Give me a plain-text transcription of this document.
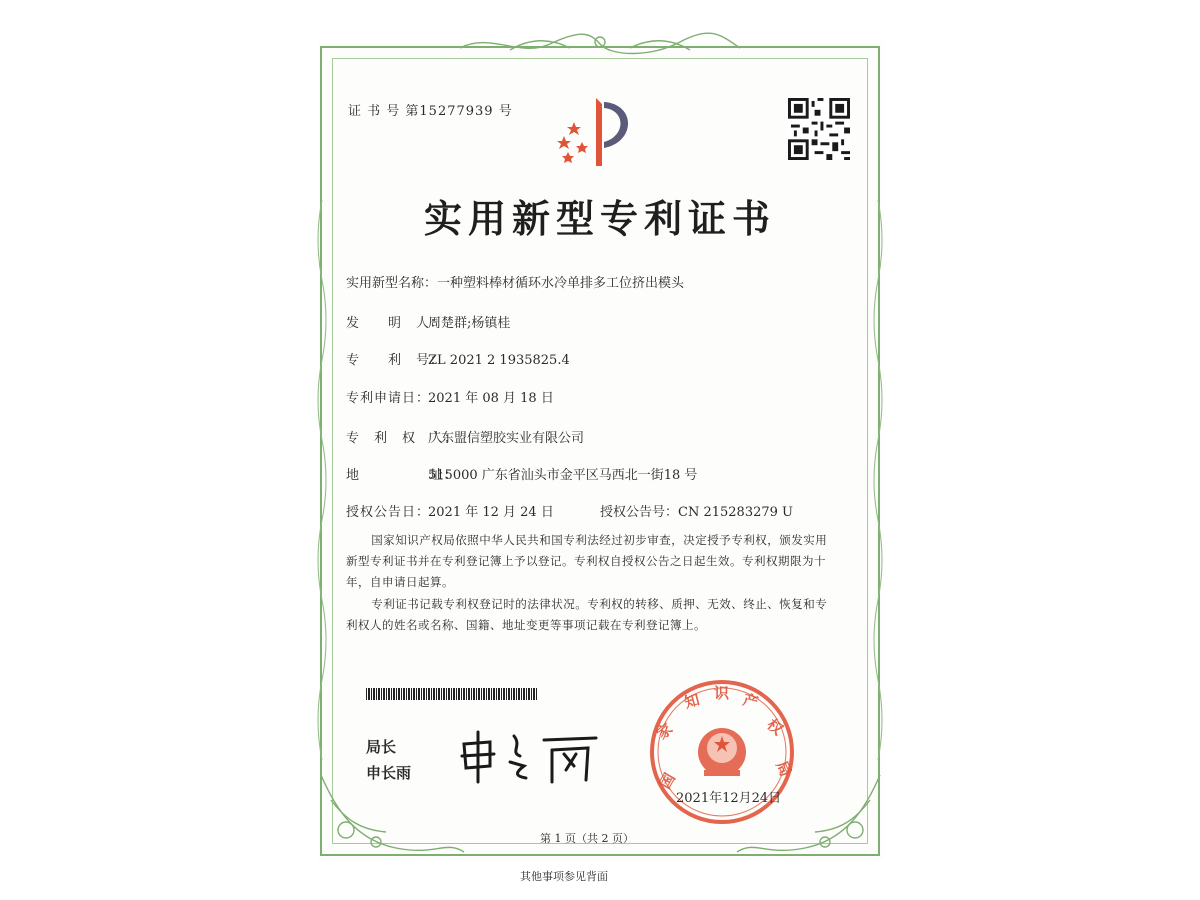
证 书 号 第15277939 号
实用新型专利证书
实用新型名称：一种塑料棒材循环水冷单排多工位挤出模头
发　　明　人：周楚群;杨镇桂
专　　利　号：ZL 2021 2 1935825.4
专利申请日：2021 年 08 月 18 日
专　利　权　人：广东盟信塑胶实业有限公司
地　　　　　址：515000 广东省汕头市金平区马西北一街18 号
授权公告日：2021 年 12 月 24 日	授权公告号：CN 215283279 U
国家知识产权局依照中华人民共和国专利法经过初步审查，决定授予专利权，颁发实用新型专利证书并在专利登记簿上予以登记。专利权自授权公告之日起生效。专利权期限为十年，自申请日起算。
专利证书记载专利权登记时的法律状况。专利权的转移、质押、无效、终止、恢复和专利权人的姓名或名称、国籍、地址变更等事项记载在专利登记簿上。
局长
申长雨	国
家
知 识 产
权
局
2021年12月24日
第 1 页（共 2 页）
其他事项参见背面
